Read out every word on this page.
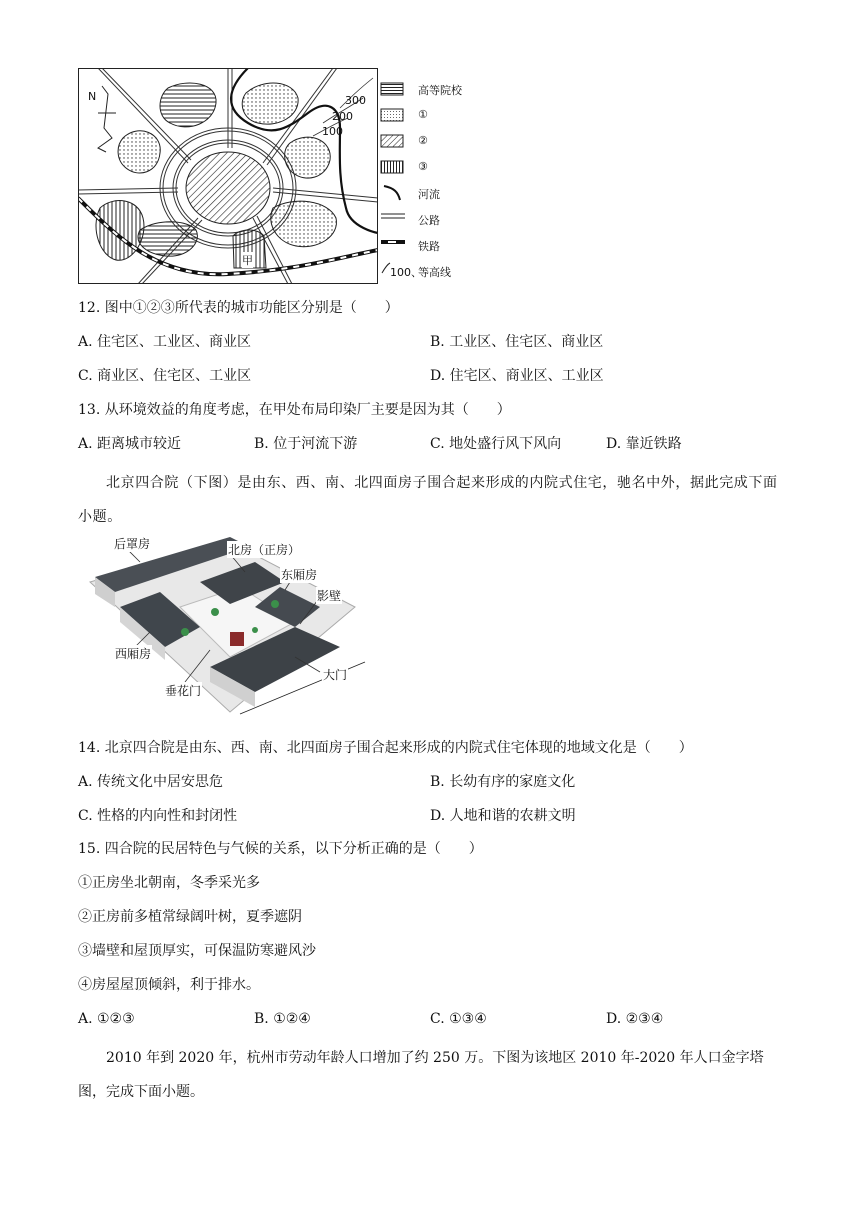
N	300
200
100
甲
高等院校
①
②
③
河流
公路
铁路
100、
等高线
12. 图中①②③所代表的城市功能区分别是（　　）
A. 住宅区、工业区、商业区	B. 工业区、住宅区、商业区
C. 商业区、住宅区、工业区	D. 住宅区、商业区、工业区
13. 从环境效益的角度考虑，在甲处布局印染厂主要是因为其（　　）
A. 距离城市较近	B. 位于河流下游	C. 地处盛行风下风向	D. 靠近铁路
北京四合院（下图）是由东、西、南、北四面房子围合起来形成的内院式住宅，驰名中外，据此完成下面小题。
后罩房	北房（正房）
东厢房
影壁
西厢房
大门
垂花门
14. 北京四合院是由东、西、南、北四面房子围合起来形成的内院式住宅体现的地域文化是（　　）
A. 传统文化中居安思危	B. 长幼有序的家庭文化
C. 性格的内向性和封闭性	D. 人地和谐的农耕文明
15. 四合院的民居特色与气候的关系，以下分析正确的是（　　）
①正房坐北朝南，冬季采光多
②正房前多植常绿阔叶树，夏季遮阴
③墙壁和屋顶厚实，可保温防寒避风沙
④房屋屋顶倾斜，利于排水。
A. ①②③	B. ①②④	C. ①③④	D. ②③④
2010 年到 2020 年，杭州市劳动年龄人口增加了约 250 万。下图为该地区 2010 年-2020 年人口金字塔图，完成下面小题。
